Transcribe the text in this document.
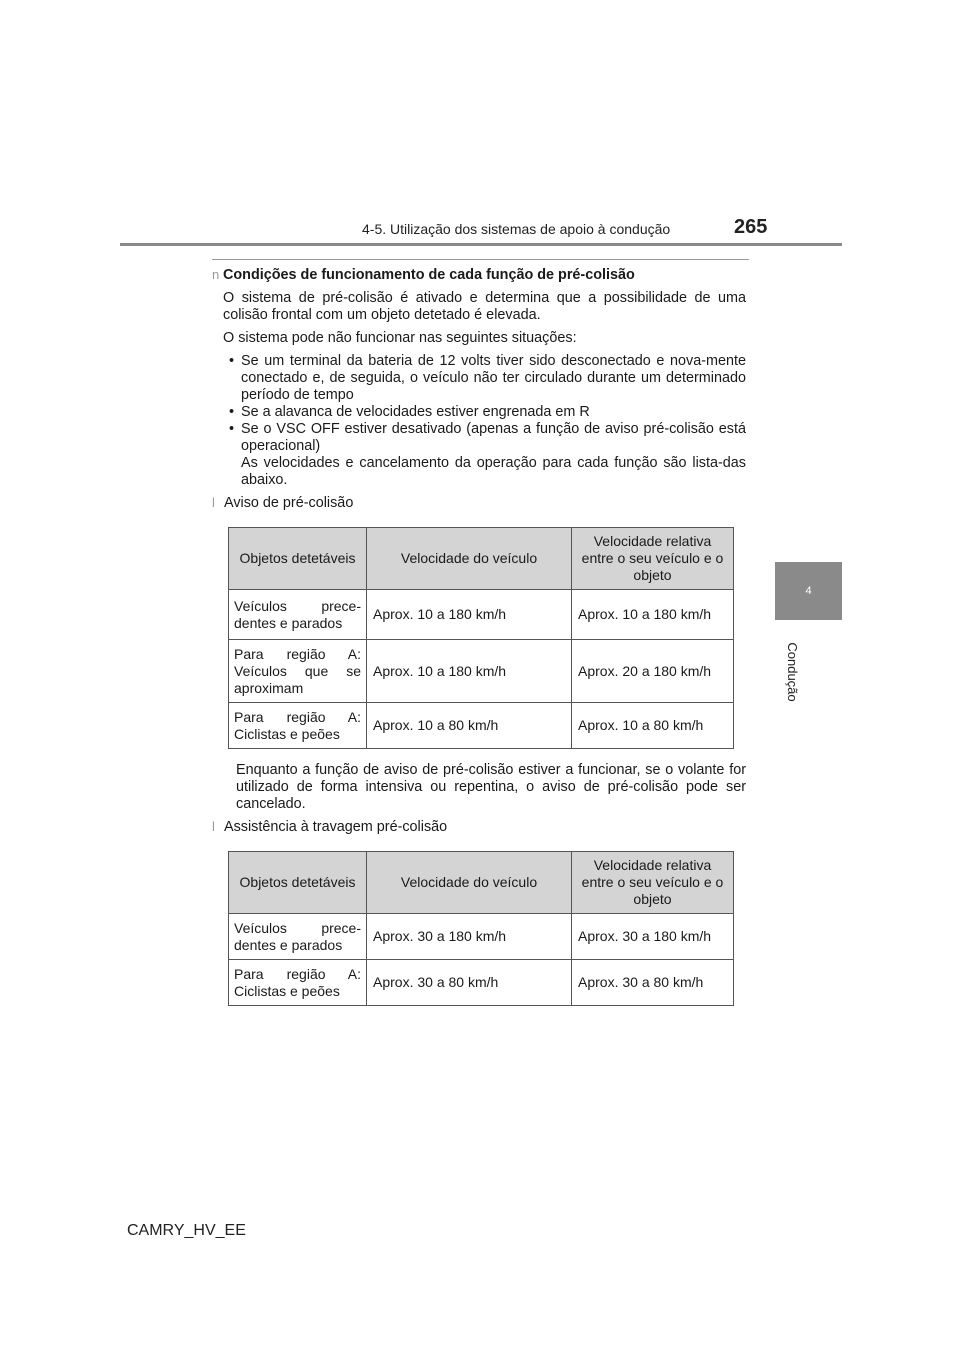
4-5. Utilização dos sistemas de apoio à condução	265
4
Condução
n Condições de funcionamento de cada função de pré-colisão
O sistema de pré-colisão é ativado e determina que a possibilidade de uma colisão frontal com um objeto detetado é elevada.
O sistema pode não funcionar nas seguintes situações:
• Se um terminal da bateria de 12 volts tiver sido desconectado e nova-mente conectado e, de seguida, o veículo não ter circulado durante um determinado período de tempo
• Se a alavanca de velocidades estiver engrenada em R
• Se o VSC OFF estiver desativado (apenas a função de aviso pré-colisão está operacional)
As velocidades e cancelamento da operação para cada função são lista-das abaixo.
l Aviso de pré-colisão
Objetos detetáveis	Velocidade do veículo	Velocidade relativa entre o seu veículo e o objeto
Veículos prece-dentes e parados	Aprox. 10 a 180 km/h	Aprox. 10 a 180 km/h
Para região A: Veículos que se aproximam	Aprox. 10 a 180 km/h	Aprox. 20 a 180 km/h
Para região A: Ciclistas e peões	Aprox. 10 a 80 km/h	Aprox. 10 a 80 km/h
Enquanto a função de aviso de pré-colisão estiver a funcionar, se o volante for utilizado de forma intensiva ou repentina, o aviso de pré-colisão pode ser cancelado.
l Assistência à travagem pré-colisão
Objetos detetáveis	Velocidade do veículo	Velocidade relativa entre o seu veículo e o objeto
Veículos prece-dentes e parados	Aprox. 30 a 180 km/h	Aprox. 30 a 180 km/h
Para região A: Ciclistas e peões	Aprox. 30 a 80 km/h	Aprox. 30 a 80 km/h
CAMRY_HV_EE
